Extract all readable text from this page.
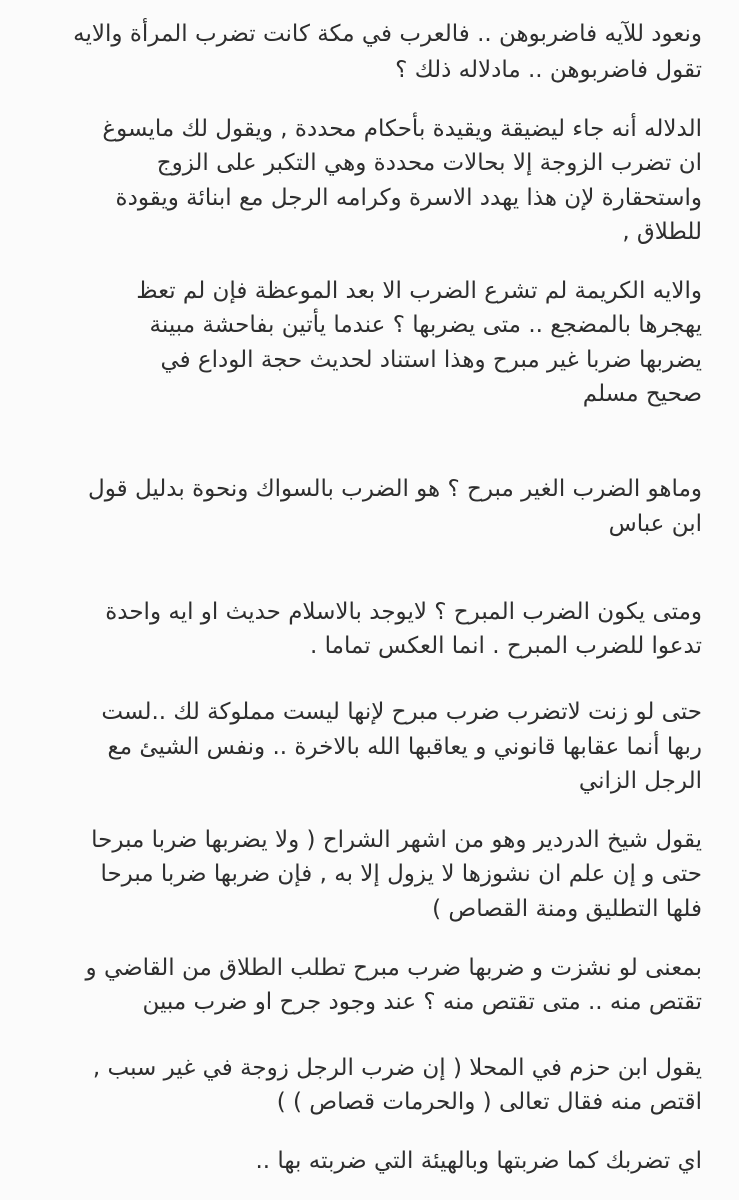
ونعود للآيه فاضربوهن .. فالعرب في مكة كانت تضرب المرأة والايه
تقول فاضربوهن .. مادلاله ذلك ؟
الدلاله أنه جاء ليضيقة ويقيدة بأحكام محددة , ويقول لك مايسوغ
ان تضرب الزوجة إلا بحالات محددة وهي التكبر على الزوج
واستحقارة لإن هذا يهدد الاسرة وكرامه الرجل مع ابنائة ويقودة
للطلاق ,
والايه الكريمة لم تشرع الضرب الا بعد الموعظة فإن لم تعظ
يهجرها بالمضجع .. متى يضربها ؟ عندما يأتين بفاحشة مبينة
يضربها ضربا غير مبرح وهذا استناد لحديث حجة الوداع في
صحيح مسلم
وماهو الضرب الغير مبرح ؟ هو الضرب بالسواك ونحوة بدليل قول
ابن عباس
ومتى يكون الضرب المبرح ؟ لايوجد بالاسلام حديث او ايه واحدة
تدعوا للضرب المبرح . انما العكس تماما .
حتى لو زنت لاتضرب ضرب مبرح لإنها ليست مملوكة لك ..لست
ربها أنما عقابها قانوني و يعاقبها الله بالاخرة .. ونفس الشيئ مع
الرجل الزاني
يقول شيخ الدردير وهو من اشهر الشراح ( ولا يضربها ضربا مبرحا
حتى و إن علم ان نشوزها لا يزول إلا به , فإن ضربها ضربا مبرحا
فلها التطليق ومنة القصاص )
بمعنى لو نشزت و ضربها ضرب مبرح تطلب الطلاق من القاضي و
تقتص منه .. متى تقتص منه ؟ عند وجود جرح او ضرب مبين
يقول ابن حزم في المحلا ( إن ضرب الرجل زوجة في غير سبب ,
اقتص منه فقال تعالى ( والحرمات قصاص ) )
اي تضربك كما ضربتها وبالهيئة التي ضربته بها ..
